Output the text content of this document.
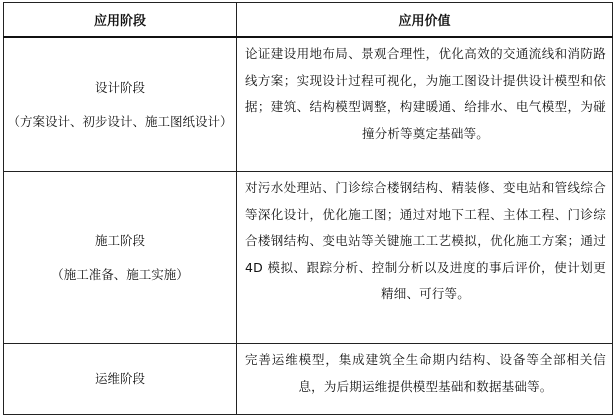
应用阶段	应用价值

设计阶段
（方案设计、初步设计、施工图纸设计）	论证建设用地布局、景观合理性，优化高效的交通流线和消防路线方案；实现设计过程可视化，为施工图设计提供设计模型和依据；建筑、结构模型调整，构建暖通、给排水、电气模型，为碰撞分析等奠定基础等。

施工阶段
（施工准备、施工实施）	对污水处理站、门诊综合楼钢结构、精装修、变电站和管线综合等深化设计，优化施工图；通过对地下工程、主体工程、门诊综合楼钢结构、变电站等关键施工工艺模拟，优化施工方案；通过 4D 模拟、跟踪分析、控制分析以及进度的事后评价，使计划更精细、可行等。

运维阶段	完善运维模型，集成建筑全生命期内结构、设备等全部相关信息，为后期运维提供模型基础和数据基础等。
